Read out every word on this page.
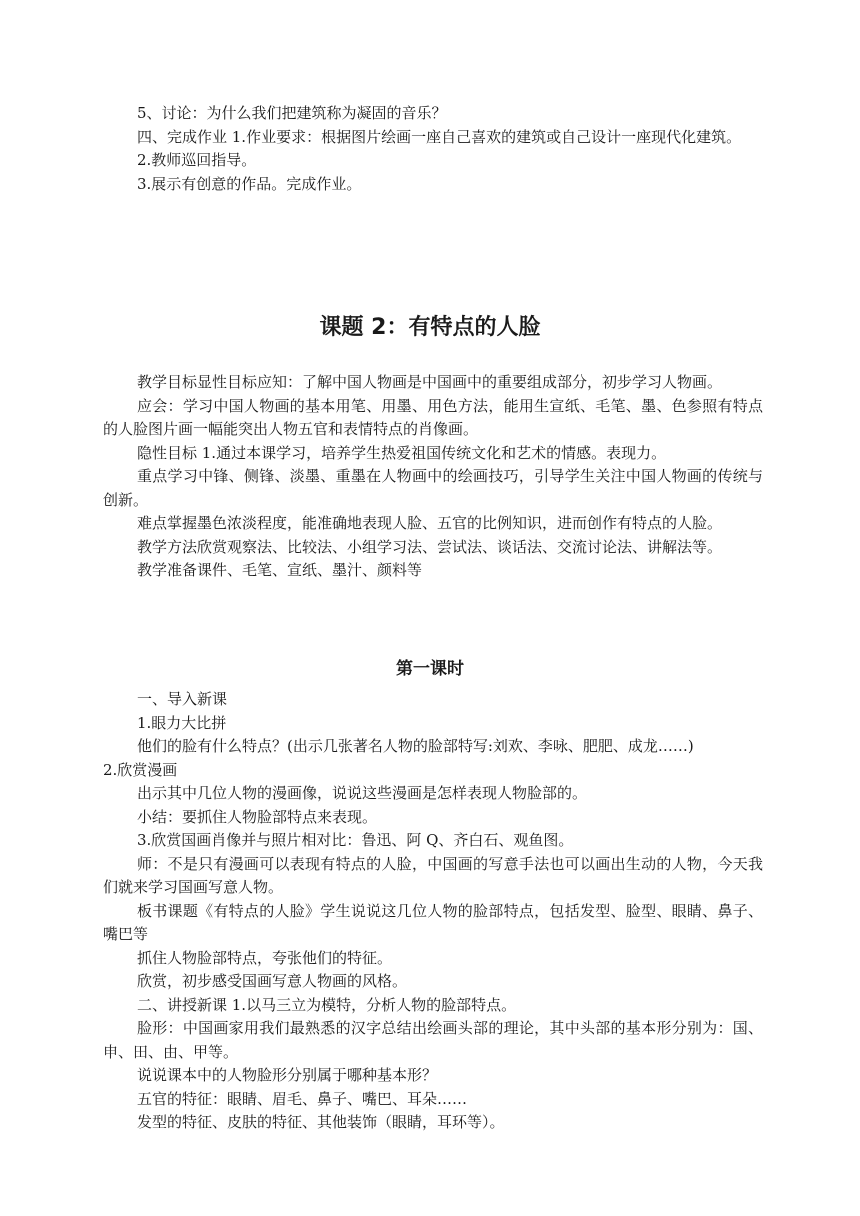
5、讨论：为什么我们把建筑称为凝固的音乐？

四、完成作业 1.作业要求：根据图片绘画一座自己喜欢的建筑或自己设计一座现代化建筑。

2.教师巡回指导。

3.展示有创意的作品。完成作业。

课题 2：有特点的人脸

教学目标显性目标应知：了解中国人物画是中国画中的重要组成部分，初步学习人物画。

应会：学习中国人物画的基本用笔、用墨、用色方法，能用生宣纸、毛笔、墨、色参照有特点的人脸图片画一幅能突出人物五官和表情特点的肖像画。

隐性目标 1.通过本课学习，培养学生热爱祖国传统文化和艺术的情感。表现力。

重点学习中锋、侧锋、淡墨、重墨在人物画中的绘画技巧，引导学生关注中国人物画的传统与创新。

难点掌握墨色浓淡程度，能准确地表现人脸、五官的比例知识，进而创作有特点的人脸。

教学方法欣赏观察法、比较法、小组学习法、尝试法、谈话法、交流讨论法、讲解法等。

教学准备课件、毛笔、宣纸、墨汁、颜料等

第一课时

一、导入新课

1.眼力大比拼

他们的脸有什么特点？(出示几张著名人物的脸部特写:刘欢、李咏、肥肥、成龙……)

2.欣赏漫画

出示其中几位人物的漫画像，说说这些漫画是怎样表现人物脸部的。

小结：要抓住人物脸部特点来表现。

3.欣赏国画肖像并与照片相对比：鲁迅、阿 Q、齐白石、观鱼图。

师：不是只有漫画可以表现有特点的人脸，中国画的写意手法也可以画出生动的人物，今天我们就来学习国画写意人物。

板书课题《有特点的人脸》学生说说这几位人物的脸部特点，包括发型、脸型、眼睛、鼻子、嘴巴等

抓住人物脸部特点，夸张他们的特征。

欣赏，初步感受国画写意人物画的风格。

二、讲授新课 1.以马三立为模特，分析人物的脸部特点。

脸形：中国画家用我们最熟悉的汉字总结出绘画头部的理论，其中头部的基本形分别为：国、申、田、由、甲等。

说说课本中的人物脸形分别属于哪种基本形？

五官的特征：眼睛、眉毛、鼻子、嘴巴、耳朵……

发型的特征、皮肤的特征、其他装饰（眼睛，耳环等）。
